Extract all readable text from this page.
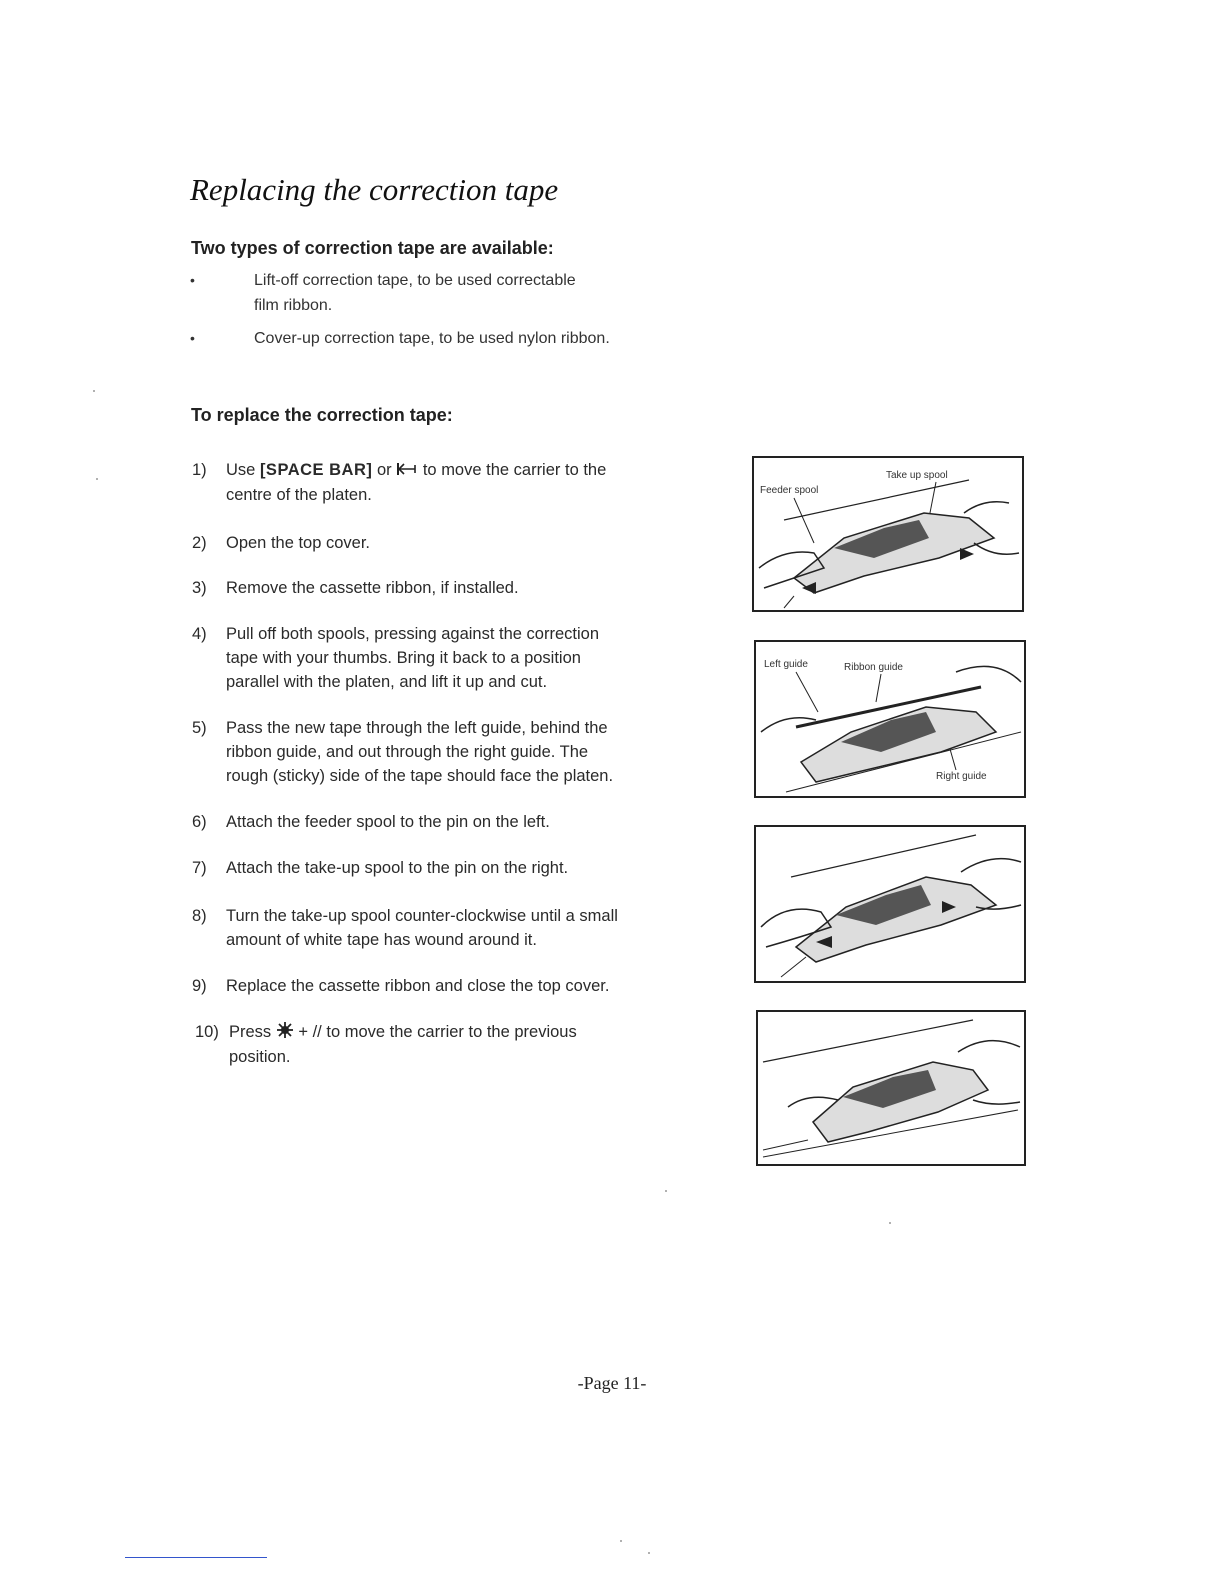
Replacing the correction tape
Two types of correction tape are available:
•	Lift-off correction tape, to be used correctable
film ribbon.
•	Cover-up correction tape, to be used nylon ribbon.
To replace the correction tape:
1) Use [SPACE BAR] or to move the carrier to the
centre of the platen.
2) Open the top cover.
3) Remove the cassette ribbon, if installed.
4) Pull off both spools, pressing against the correction
tape with your thumbs. Bring it back to a position
parallel with the platen, and lift it up and cut.
5) Pass the new tape through the left guide, behind the
ribbon guide, and out through the right guide. The
rough (sticky) side of the tape should face the platen.
6) Attach the feeder spool to the pin on the left.
7) Attach the take-up spool to the pin on the right.
8) Turn the take-up spool counter-clockwise until a small
amount of white tape has wound around it.
9) Replace the cassette ribbon and close the top cover.
10) Press + // to move the carrier to the previous
position.
Take up spool
Feeder spool
Left guide	Ribbon guide
Right guide
-Page 11-
